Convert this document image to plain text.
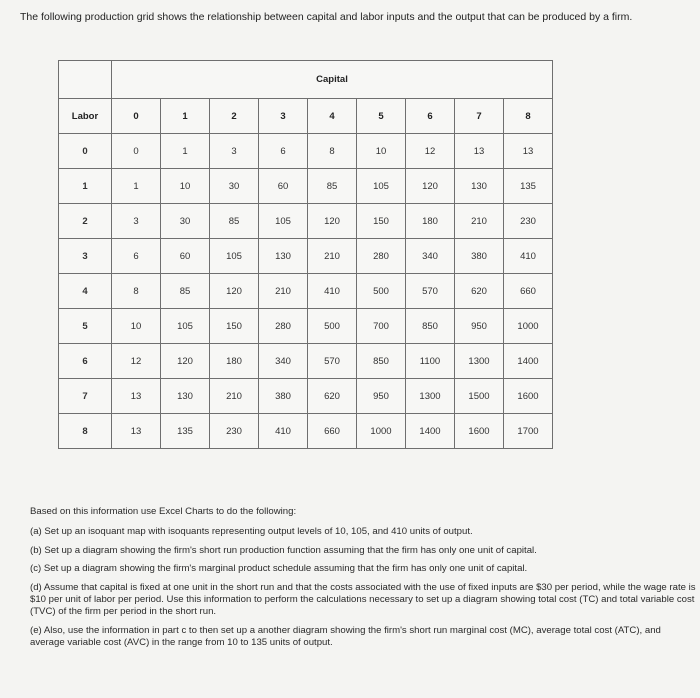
The following production grid shows the relationship between capital and labor inputs and the output that can be produced by a firm.
	Capital								
Labor	0	1	2	3	4	5	6	7	8
0	0	1	3	6	8	10	12	13	13
1	1	10	30	60	85	105	120	130	135
2	3	30	85	105	120	150	180	210	230
3	6	60	105	130	210	280	340	380	410
4	8	85	120	210	410	500	570	620	660
5	10	105	150	280	500	700	850	950	1000
6	12	120	180	340	570	850	1100	1300	1400
7	13	130	210	380	620	950	1300	1500	1600
8	13	135	230	410	660	1000	1400	1600	1700

Based on this information use Excel Charts to do the following:

(a) Set up an isoquant map with isoquants representing output levels of 10, 105, and 410 units of output.

(b) Set up a diagram showing the firm's short run production function assuming that the firm has only one unit of capital.

(c) Set up a diagram showing the firm's marginal product schedule assuming that the firm has only one unit of capital.

(d) Assume that capital is fixed at one unit in the short run and that the costs associated with the use of fixed inputs are $30 per period, while the wage rate is $10 per unit of labor per period. Use this information to perform the calculations necessary to set up a diagram showing total cost (TC) and total variable cost (TVC) of the firm per period in the short run.

(e) Also, use the information in part c to then set up a another diagram showing the firm's short run marginal cost (MC), average total cost (ATC), and average variable cost (AVC) in the range from 10 to 135 units of output.
